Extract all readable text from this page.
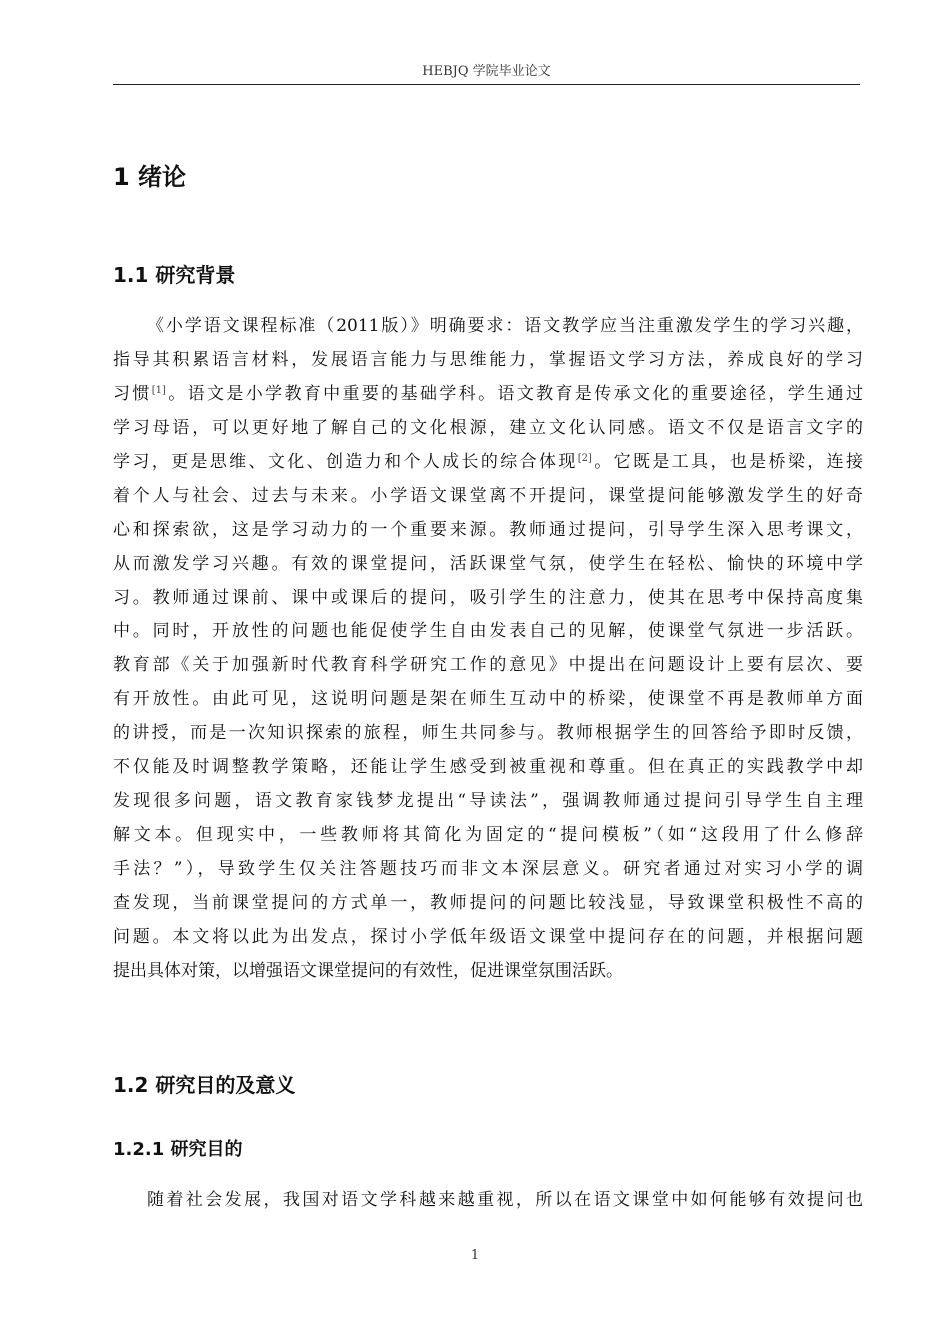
HEBJQ 学院毕业论文
1 绪论
1.1 研究背景
《小学语文课程标准（2011版）》明确要求：语文教学应当注重激发学生的学习兴趣，
指导其积累语言材料，发展语言能力与思维能力，掌握语文学习方法，养成良好的学习
习惯[1]。语文是小学教育中重要的基础学科。语文教育是传承文化的重要途径，学生通过
学习母语，可以更好地了解自己的文化根源，建立文化认同感。语文不仅是语言文字的
学习，更是思维、文化、创造力和个人成长的综合体现[2]。它既是工具，也是桥梁，连接
着个人与社会、过去与未来。小学语文课堂离不开提问，课堂提问能够激发学生的好奇
心和探索欲，这是学习动力的一个重要来源。教师通过提问，引导学生深入思考课文，
从而激发学习兴趣。有效的课堂提问，活跃课堂气氛，使学生在轻松、愉快的环境中学
习。教师通过课前、课中或课后的提问，吸引学生的注意力，使其在思考中保持高度集
中。同时，开放性的问题也能促使学生自由发表自己的见解，使课堂气氛进一步活跃。
教育部《关于加强新时代教育科学研究工作的意见》中提出在问题设计上要有层次、要
有开放性。由此可见，这说明问题是架在师生互动中的桥梁，使课堂不再是教师单方面
的讲授，而是一次知识探索的旅程，师生共同参与。教师根据学生的回答给予即时反馈，
不仅能及时调整教学策略，还能让学生感受到被重视和尊重。但在真正的实践教学中却
发现很多问题，语文教育家钱梦龙提出“导读法”，强调教师通过提问引导学生自主理
解文本。但现实中，一些教师将其简化为固定的“提问模板”（如“这段用了什么修辞
手法？”），导致学生仅关注答题技巧而非文本深层意义。研究者通过对实习小学的调
查发现，当前课堂提问的方式单一，教师提问的问题比较浅显，导致课堂积极性不高的
问题。本文将以此为出发点，探讨小学低年级语文课堂中提问存在的问题，并根据问题
提出具体对策，以增强语文课堂提问的有效性，促进课堂氛围活跃。
1.2 研究目的及意义
1.2.1 研究目的
随着社会发展，我国对语文学科越来越重视，所以在语文课堂中如何能够有效提问也
1
